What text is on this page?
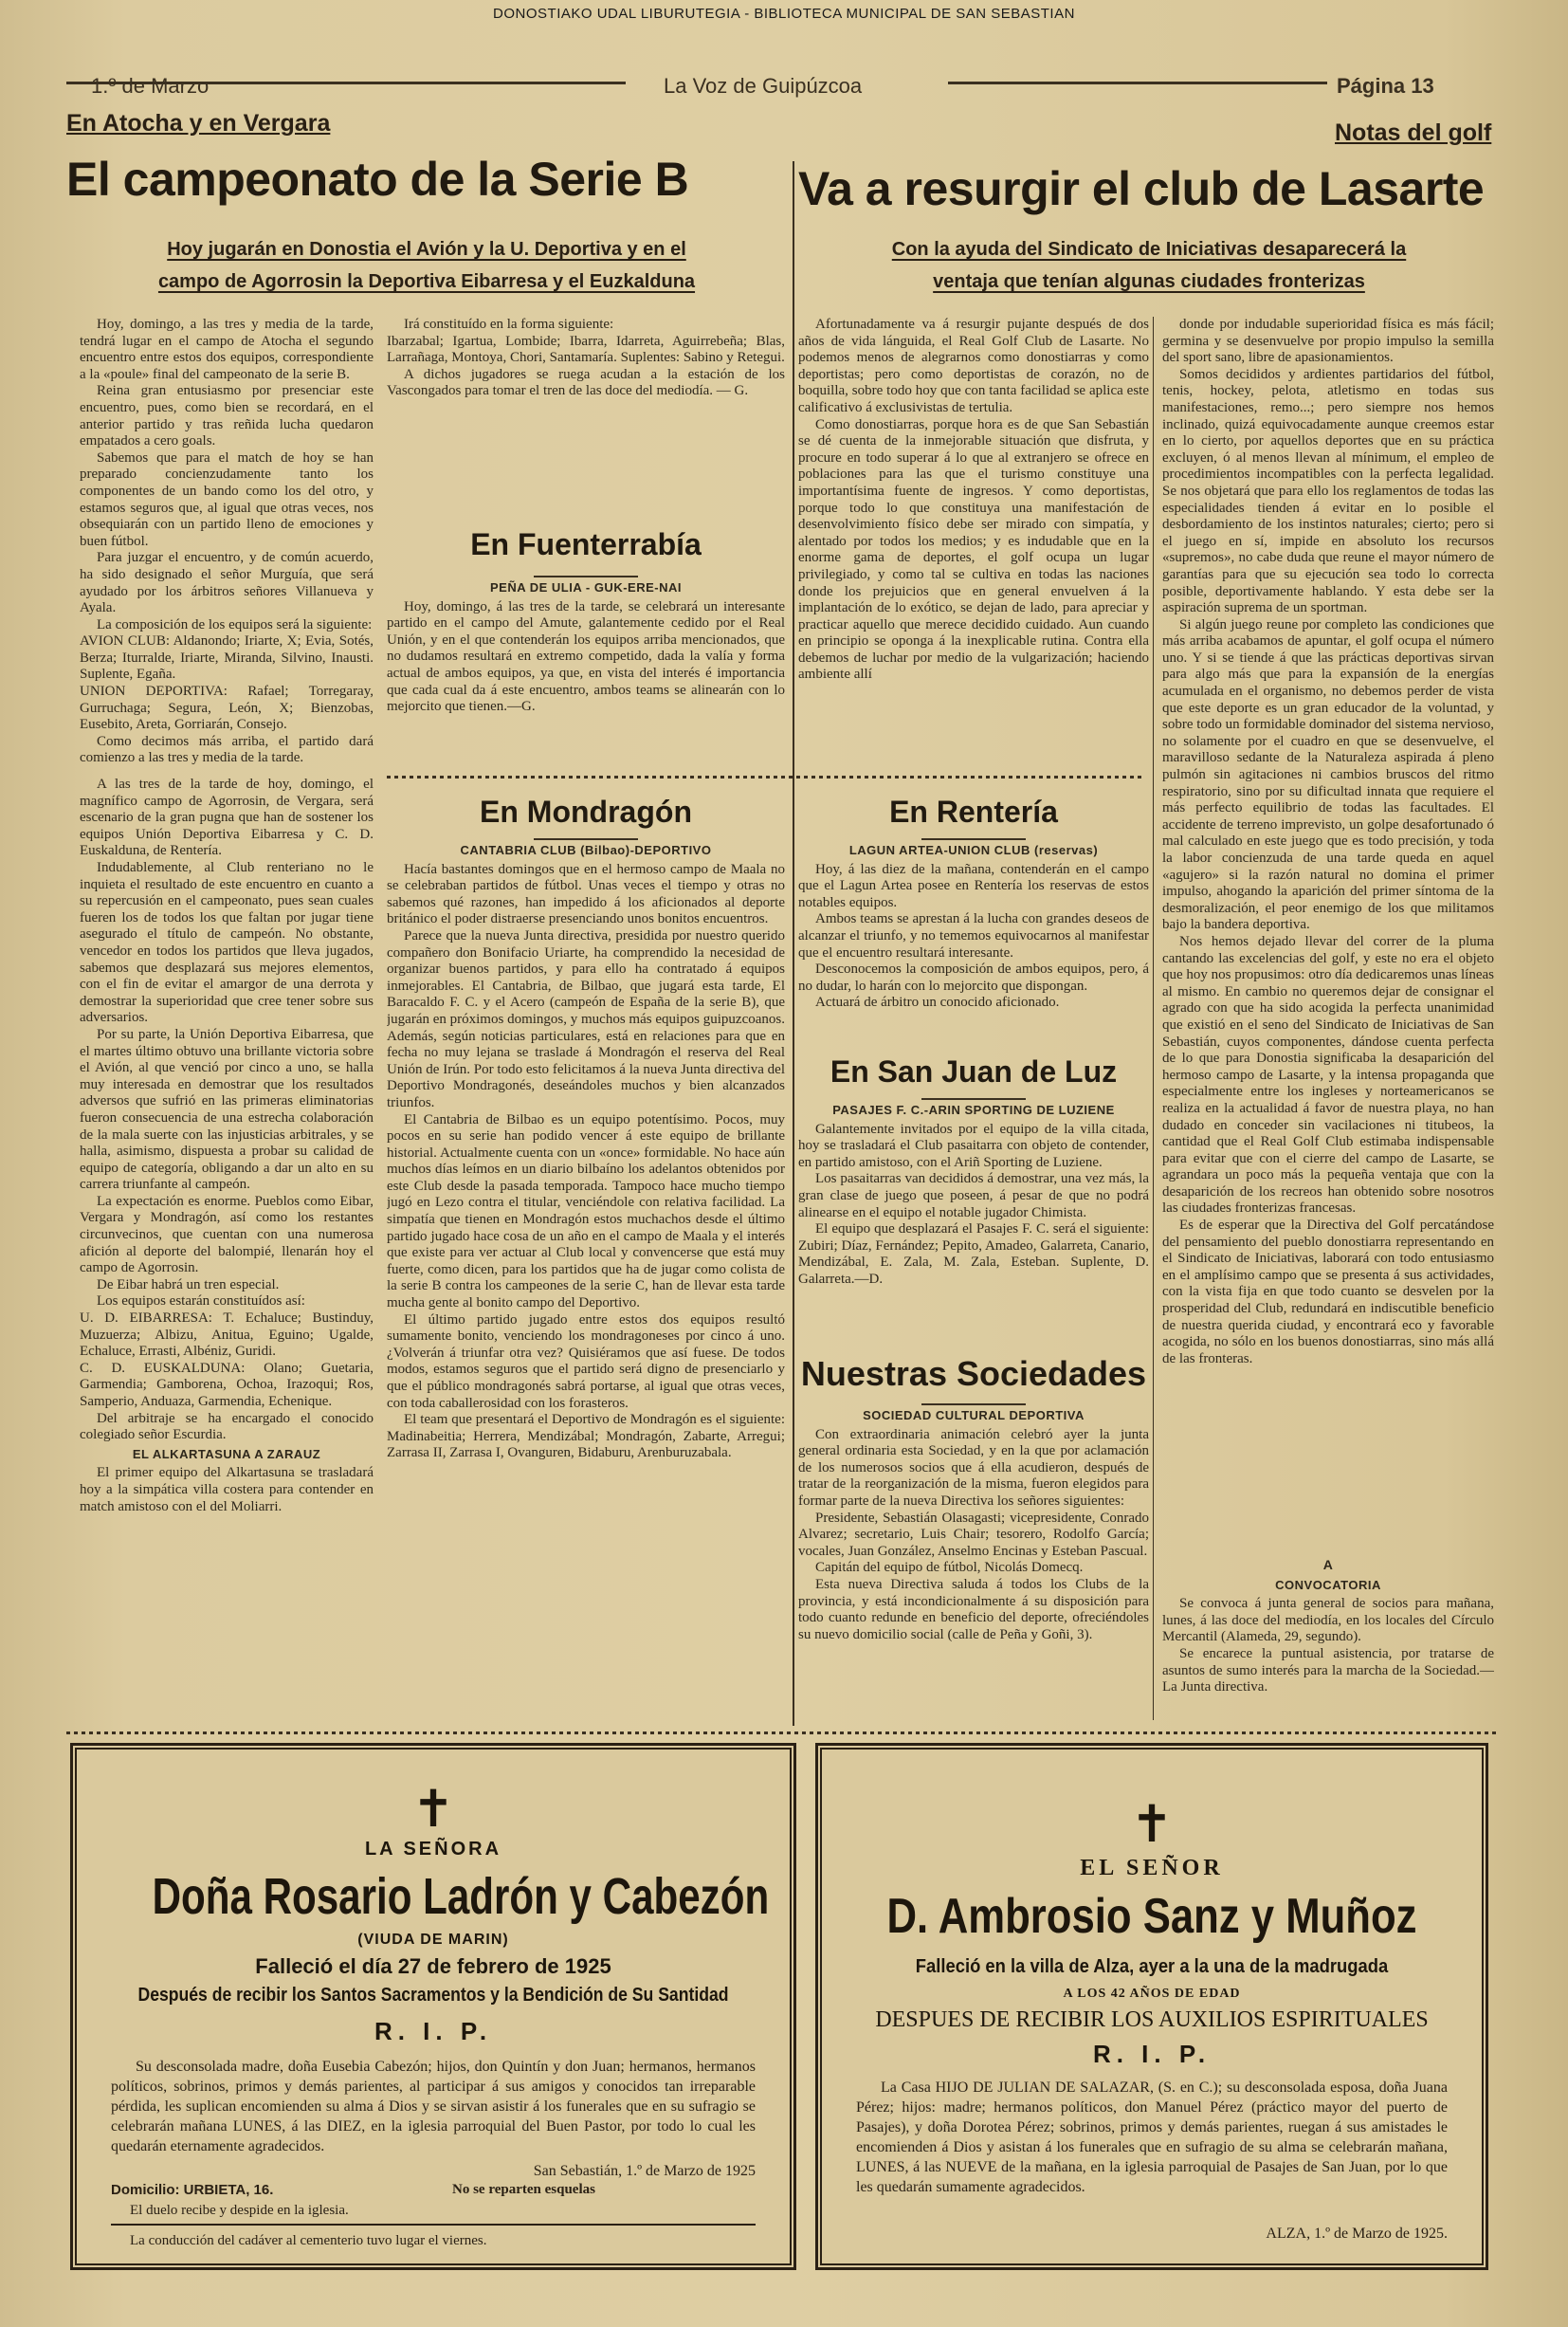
DONOSTIAKO UDAL LIBURUTEGIA - BIBLIOTECA MUNICIPAL DE SAN SEBASTIAN
1.º de Marzo	La Voz de Guipúzcoa	Página 13
En Atocha y en Vergara
El campeonato de la Serie B
Hoy jugarán en Donostia el Avión y la U. Deportiva y en el
campo de Agorrosin la Deportiva Eibarresa y el Euzkalduna
Notas del golf
Va a resurgir el club de Lasarte
Con la ayuda del Sindicato de Iniciativas desaparecerá la
ventaja que tenían algunas ciudades fronterizas

Hoy, domingo, a las tres y media de la tarde, tendrá lugar en el campo de Atocha el segundo encuentro entre estos dos equipos, correspondiente a la «poule» final del campeonato de la serie B.

Reina gran entusiasmo por presenciar este encuentro, pues, como bien se recordará, en el anterior partido y tras reñida lucha quedaron empatados a cero goals.

Sabemos que para el match de hoy se han preparado concienzudamente tanto los componentes de un bando como los del otro, y estamos seguros que, al igual que otras veces, nos obsequiarán con un partido lleno de emociones y buen fútbol.

Para juzgar el encuentro, y de común acuerdo, ha sido designado el señor Murguía, que será ayudado por los árbitros señores Villanueva y Ayala.

La composición de los equipos será la siguiente:

AVION CLUB: Aldanondo; Iriarte, X; Evia, Sotés, Berza; Iturralde, Iriarte, Miranda, Silvino, Inausti. Suplente, Egaña.

UNION DEPORTIVA: Rafael; Torregaray, Gurruchaga; Segura, León, X; Bienzobas, Eusebito, Areta, Gorriarán, Consejo.

Como decimos más arriba, el partido dará comienzo a las tres y media de la tarde.

A las tres de la tarde de hoy, domingo, el magnífico campo de Agorrosin, de Vergara, será escenario de la gran pugna que han de sostener los equipos Unión Deportiva Eibarresa y C. D. Euskalduna, de Rentería.

Indudablemente, al Club renteriano no le inquieta el resultado de este encuentro en cuanto a su repercusión en el campeonato, pues sean cuales fueren los de todos los que faltan por jugar tiene asegurado el título de campeón. No obstante, vencedor en todos los partidos que lleva jugados, sabemos que desplazará sus mejores elementos, con el fin de evitar el amargor de una derrota y demostrar la superioridad que cree tener sobre sus adversarios.

Por su parte, la Unión Deportiva Eibarresa, que el martes último obtuvo una brillante victoria sobre el Avión, al que venció por cinco a uno, se halla muy interesada en demostrar que los resultados adversos que sufrió en las primeras eliminatorias fueron consecuencia de una estrecha colaboración de la mala suerte con las injusticias arbitrales, y se halla, asimismo, dispuesta a probar su calidad de equipo de categoría, obligando a dar un alto en su carrera triunfante al campeón.

La expectación es enorme. Pueblos como Eibar, Vergara y Mondragón, así como los restantes circunvecinos, que cuentan con una numerosa afición al deporte del balompié, llenarán hoy el campo de Agorrosin.

De Eibar habrá un tren especial.

Los equipos estarán constituídos así:

U. D. EIBARRESA: T. Echaluce; Bustinduy, Muzuerza; Albizu, Anitua, Eguino; Ugalde, Echaluce, Errasti, Albéniz, Guridi.

C. D. EUSKALDUNA: Olano; Guetaria, Garmendia; Gamborena, Ochoa, Irazoqui; Ros, Samperio, Anduaza, Garmendia, Echenique.

Del arbitraje se ha encargado el conocido colegiado señor Escurdia.

EL ALKARTASUNA A ZARAUZ

El primer equipo del Alkartasuna se trasladará hoy a la simpática villa costera para contender en match amistoso con el del Moliarri.

Irá constituído en la forma siguiente:

Ibarzabal; Igartua, Lombide; Ibarra, Idarreta, Aguirrebeña; Blas, Larrañaga, Montoya, Chori, Santamaría. Suplentes: Sabino y Retegui.

A dichos jugadores se ruega acudan a la estación de los Vascongados para tomar el tren de las doce del mediodía. — G.

En Fuenterrabía

PEÑA DE ULIA - GUK-ERE-NAI

Hoy, domingo, á las tres de la tarde, se celebrará un interesante partido en el campo del Amute, galantemente cedido por el Real Unión, y en el que contenderán los equipos arriba mencionados, que no dudamos resultará en extremo competido, dada la valía y forma actual de ambos equipos, ya que, en vista del interés é importancia que cada cual da á este encuentro, ambos teams se alinearán con lo mejorcito que tienen.—G.

En Mondragón

CANTABRIA CLUB (Bilbao)-DEPORTIVO

Hacía bastantes domingos que en el hermoso campo de Maala no se celebraban partidos de fútbol. Unas veces el tiempo y otras no sabemos qué razones, han impedido á los aficionados al deporte británico el poder distraerse presenciando unos bonitos encuentros.

Parece que la nueva Junta directiva, presidida por nuestro querido compañero don Bonifacio Uriarte, ha comprendido la necesidad de organizar buenos partidos, y para ello ha contratado á equipos inmejorables. El Cantabria, de Bilbao, que jugará esta tarde, El Baracaldo F. C. y el Acero (campeón de España de la serie B), que jugarán en próximos domingos, y muchos más equipos guipuzcoanos. Además, según noticias particulares, está en relaciones para que en fecha no muy lejana se traslade á Mondragón el reserva del Real Unión de Irún. Por todo esto felicitamos á la nueva Junta directiva del Deportivo Mondragonés, deseándoles muchos y bien alcanzados triunfos.

El Cantabria de Bilbao es un equipo potentísimo. Pocos, muy pocos en su serie han podido vencer á este equipo de brillante historial. Actualmente cuenta con un «once» formidable. No hace aún muchos días leímos en un diario bilbaíno los adelantos obtenidos por este Club desde la pasada temporada. Tampoco hace mucho tiempo jugó en Lezo contra el titular, venciéndole con relativa facilidad. La simpatía que tienen en Mondragón estos muchachos desde el último partido jugado hace cosa de un año en el campo de Maala y el interés que existe para ver actuar al Club local y convencerse que está muy fuerte, como dicen, para los partidos que ha de jugar como colista de la serie B contra los campeones de la serie C, han de llevar esta tarde mucha gente al bonito campo del Deportivo.

El último partido jugado entre estos dos equipos resultó sumamente bonito, venciendo los mondragoneses por cinco á uno. ¿Volverán á triunfar otra vez? Quisiéramos que así fuese. De todos modos, estamos seguros que el partido será digno de presenciarlo y que el público mondragonés sabrá portarse, al igual que otras veces, con toda caballerosidad con los forasteros.

El team que presentará el Deportivo de Mondragón es el siguiente: Madinabeitia; Herrera, Mendizábal; Mondragón, Zabarte, Arregui; Zarrasa II, Zarrasa I, Ovanguren, Bidaburu, Arenburuzabala.

Afortunadamente va á resurgir pujante después de dos años de vida lánguida, el Real Golf Club de Lasarte. No podemos menos de alegrarnos como donostiarras y como deportistas; pero como deportistas de corazón, no de boquilla, sobre todo hoy que con tanta facilidad se aplica este calificativo á exclusivistas de tertulia.

Como donostiarras, porque hora es de que San Sebastián se dé cuenta de la inmejorable situación que disfruta, y procure en todo superar á lo que al extranjero se ofrece en poblaciones para las que el turismo constituye una importantísima fuente de ingresos. Y como deportistas, porque todo lo que constituya una manifestación de desenvolvimiento físico debe ser mirado con simpatía, y alentado por todos los medios; y es indudable que en la enorme gama de deportes, el golf ocupa un lugar privilegiado, y como tal se cultiva en todas las naciones donde los prejuicios que en general envuelven á la implantación de lo exótico, se dejan de lado, para apreciar y practicar aquello que merece decidido cuidado. Aun cuando en principio se oponga á la inexplicable rutina. Contra ella debemos de luchar por medio de la vulgarización; haciendo ambiente allí

En Rentería

LAGUN ARTEA-UNION CLUB (reservas)

Hoy, á las diez de la mañana, contenderán en el campo que el Lagun Artea posee en Rentería los reservas de estos notables equipos.

Ambos teams se aprestan á la lucha con grandes deseos de alcanzar el triunfo, y no tememos equivocarnos al manifestar que el encuentro resultará interesante.

Desconocemos la composición de ambos equipos, pero, á no dudar, lo harán con lo mejorcito que dispongan.

Actuará de árbitro un conocido aficionado.

En San Juan de Luz

PASAJES F. C.-ARIN SPORTING DE LUZIENE

Galantemente invitados por el equipo de la villa citada, hoy se trasladará el Club pasaitarra con objeto de contender, en partido amistoso, con el Ariñ Sporting de Luziene.

Los pasaitarras van decididos á demostrar, una vez más, la gran clase de juego que poseen, á pesar de que no podrá alinearse en el equipo el notable jugador Chimista.

El equipo que desplazará el Pasajes F. C. será el siguiente: Zubiri; Díaz, Fernández; Pepito, Amadeo, Galarreta, Canario, Mendizábal, E. Zala, M. Zala, Esteban. Suplente, D. Galarreta.—D.

Nuestras Sociedades

SOCIEDAD CULTURAL DEPORTIVA

Con extraordinaria animación celebró ayer la junta general ordinaria esta Sociedad, y en la que por aclamación de los numerosos socios que á ella acudieron, después de tratar de la reorganización de la misma, fueron elegidos para formar parte de la nueva Directiva los señores siguientes:

Presidente, Sebastián Olasagasti; vicepresidente, Conrado Alvarez; secretario, Luis Chair; tesorero, Rodolfo García; vocales, Juan González, Anselmo Encinas y Esteban Pascual.

Capitán del equipo de fútbol, Nicolás Domecq.

Esta nueva Directiva saluda á todos los Clubs de la provincia, y está incondicionalmente á su disposición para todo cuanto redunde en beneficio del deporte, ofreciéndoles su nuevo domicilio social (calle de Peña y Goñi, 3).

donde por indudable superioridad física es más fácil; germina y se desenvuelve por propio impulso la semilla del sport sano, libre de apasionamientos.

Somos decididos y ardientes partidarios del fútbol, tenis, hockey, pelota, atletismo en todas sus manifestaciones, remo...; pero siempre nos hemos inclinado, quizá equivocadamente aunque creemos estar en lo cierto, por aquellos deportes que en su práctica excluyen, ó al menos llevan al mínimum, el empleo de procedimientos incompatibles con la perfecta legalidad. Se nos objetará que para ello los reglamentos de todas las especialidades tienden á evitar en lo posible el desbordamiento de los instintos naturales; cierto; pero si el juego en sí, impide en absoluto los recursos «supremos», no cabe duda que reune el mayor número de garantías para que su ejecución sea todo lo correcta posible, deportivamente hablando. Y esta debe ser la aspiración suprema de un sportman.

Si algún juego reune por completo las condiciones que más arriba acabamos de apuntar, el golf ocupa el número uno. Y si se tiende á que las prácticas deportivas sirvan para algo más que para la expansión de la energías acumulada en el organismo, no debemos perder de vista que este deporte es un gran educador de la voluntad, y sobre todo un formidable dominador del sistema nervioso, no solamente por el cuadro en que se desenvuelve, el maravilloso sedante de la Naturaleza aspirada á pleno pulmón sin agitaciones ni cambios bruscos del ritmo respiratorio, sino por su dificultad innata que requiere el más perfecto equilibrio de todas las facultades. El accidente de terreno imprevisto, un golpe desafortunado ó mal calculado en este juego que es todo precisión, y toda la labor concienzuda de una tarde queda en aquel «agujero» si la razón natural no domina el primer impulso, ahogando la aparición del primer síntoma de la desmoralización, el peor enemigo de los que militamos bajo la bandera deportiva.

Nos hemos dejado llevar del correr de la pluma cantando las excelencias del golf, y este no era el objeto que hoy nos propusimos: otro día dedicaremos unas líneas al mismo. En cambio no queremos dejar de consignar el agrado con que ha sido acogida la perfecta unanimidad que existió en el seno del Sindicato de Iniciativas de San Sebastián, cuyos componentes, dándose cuenta perfecta de lo que para Donostia significaba la desaparición del hermoso campo de Lasarte, y la intensa propaganda que especialmente entre los ingleses y norteamericanos se realiza en la actualidad á favor de nuestra playa, no han dudado en conceder sin vacilaciones ni titubeos, la cantidad que el Real Golf Club estimaba indispensable para evitar que con el cierre del campo de Lasarte, se agrandara un poco más la pequeña ventaja que con la desaparición de los recreos han obtenido sobre nosotros las ciudades fronterizas francesas.

Es de esperar que la Directiva del Golf percatándose del pensamiento del pueblo donostiarra representando en el Sindicato de Iniciativas, laborará con todo entusiasmo en el amplísimo campo que se presenta á sus actividades, con la vista fija en que todo cuanto se desvelen por la prosperidad del Club, redundará en indiscutible beneficio de nuestra querida ciudad, y encontrará eco y favorable acogida, no sólo en los buenos donostiarras, sino más allá de las fronteras.

A

CONVOCATORIA

Se convoca á junta general de socios para mañana, lunes, á las doce del mediodía, en los locales del Círculo Mercantil (Alameda, 29, segundo).

Se encarece la puntual asistencia, por tratarse de asuntos de sumo interés para la marcha de la Sociedad.—La Junta directiva.

✝
LA SEÑORA
Doña Rosario Ladrón y Cabezón
(VIUDA DE MARIN)
Falleció el día 27 de febrero de 1925
Después de recibir los Santos Sacramentos y la Bendición de Su Santidad
R. I. P.

Su desconsolada madre, doña Eusebia Cabezón; hijos, don Quintín y don Juan; hermanos, hermanos políticos, sobrinos, primos y demás parientes, al participar á sus amigos y conocidos tan irreparable pérdida, les suplican encomienden su alma á Dios y se sirvan asistir á los funerales que en su sufragio se celebrarán mañana LUNES, á las DIEZ, en la iglesia parroquial del Buen Pastor, por todo lo cual les quedarán eternamente agradecidos.

San Sebastián, 1.º de Marzo de 1925
Domicilio: URBIETA, 16.	No se reparten esquelas
El duelo recibe y despide en la iglesia.
La conducción del cadáver al cementerio tuvo lugar el viernes.
✝
EL SEÑOR
D. Ambrosio Sanz y Muñoz
Falleció en la villa de Alza, ayer a la una de la madrugada
A LOS 42 AÑOS DE EDAD
DESPUES DE RECIBIR LOS AUXILIOS ESPIRITUALES
R. I. P.

La Casa HIJO DE JULIAN DE SALAZAR, (S. en C.); su desconsolada esposa, doña Juana Pérez; hijos: madre; hermanos políticos, don Manuel Pérez (práctico mayor del puerto de Pasajes), y doña Dorotea Pérez; sobrinos, primos y demás parientes, ruegan á sus amistades le encomienden á Dios y asistan á los funerales que en sufragio de su alma se celebrarán mañana, LUNES, á las NUEVE de la mañana, en la iglesia parroquial de Pasajes de San Juan, por lo que les quedarán sumamente agradecidos.

ALZA, 1.º de Marzo de 1925.
